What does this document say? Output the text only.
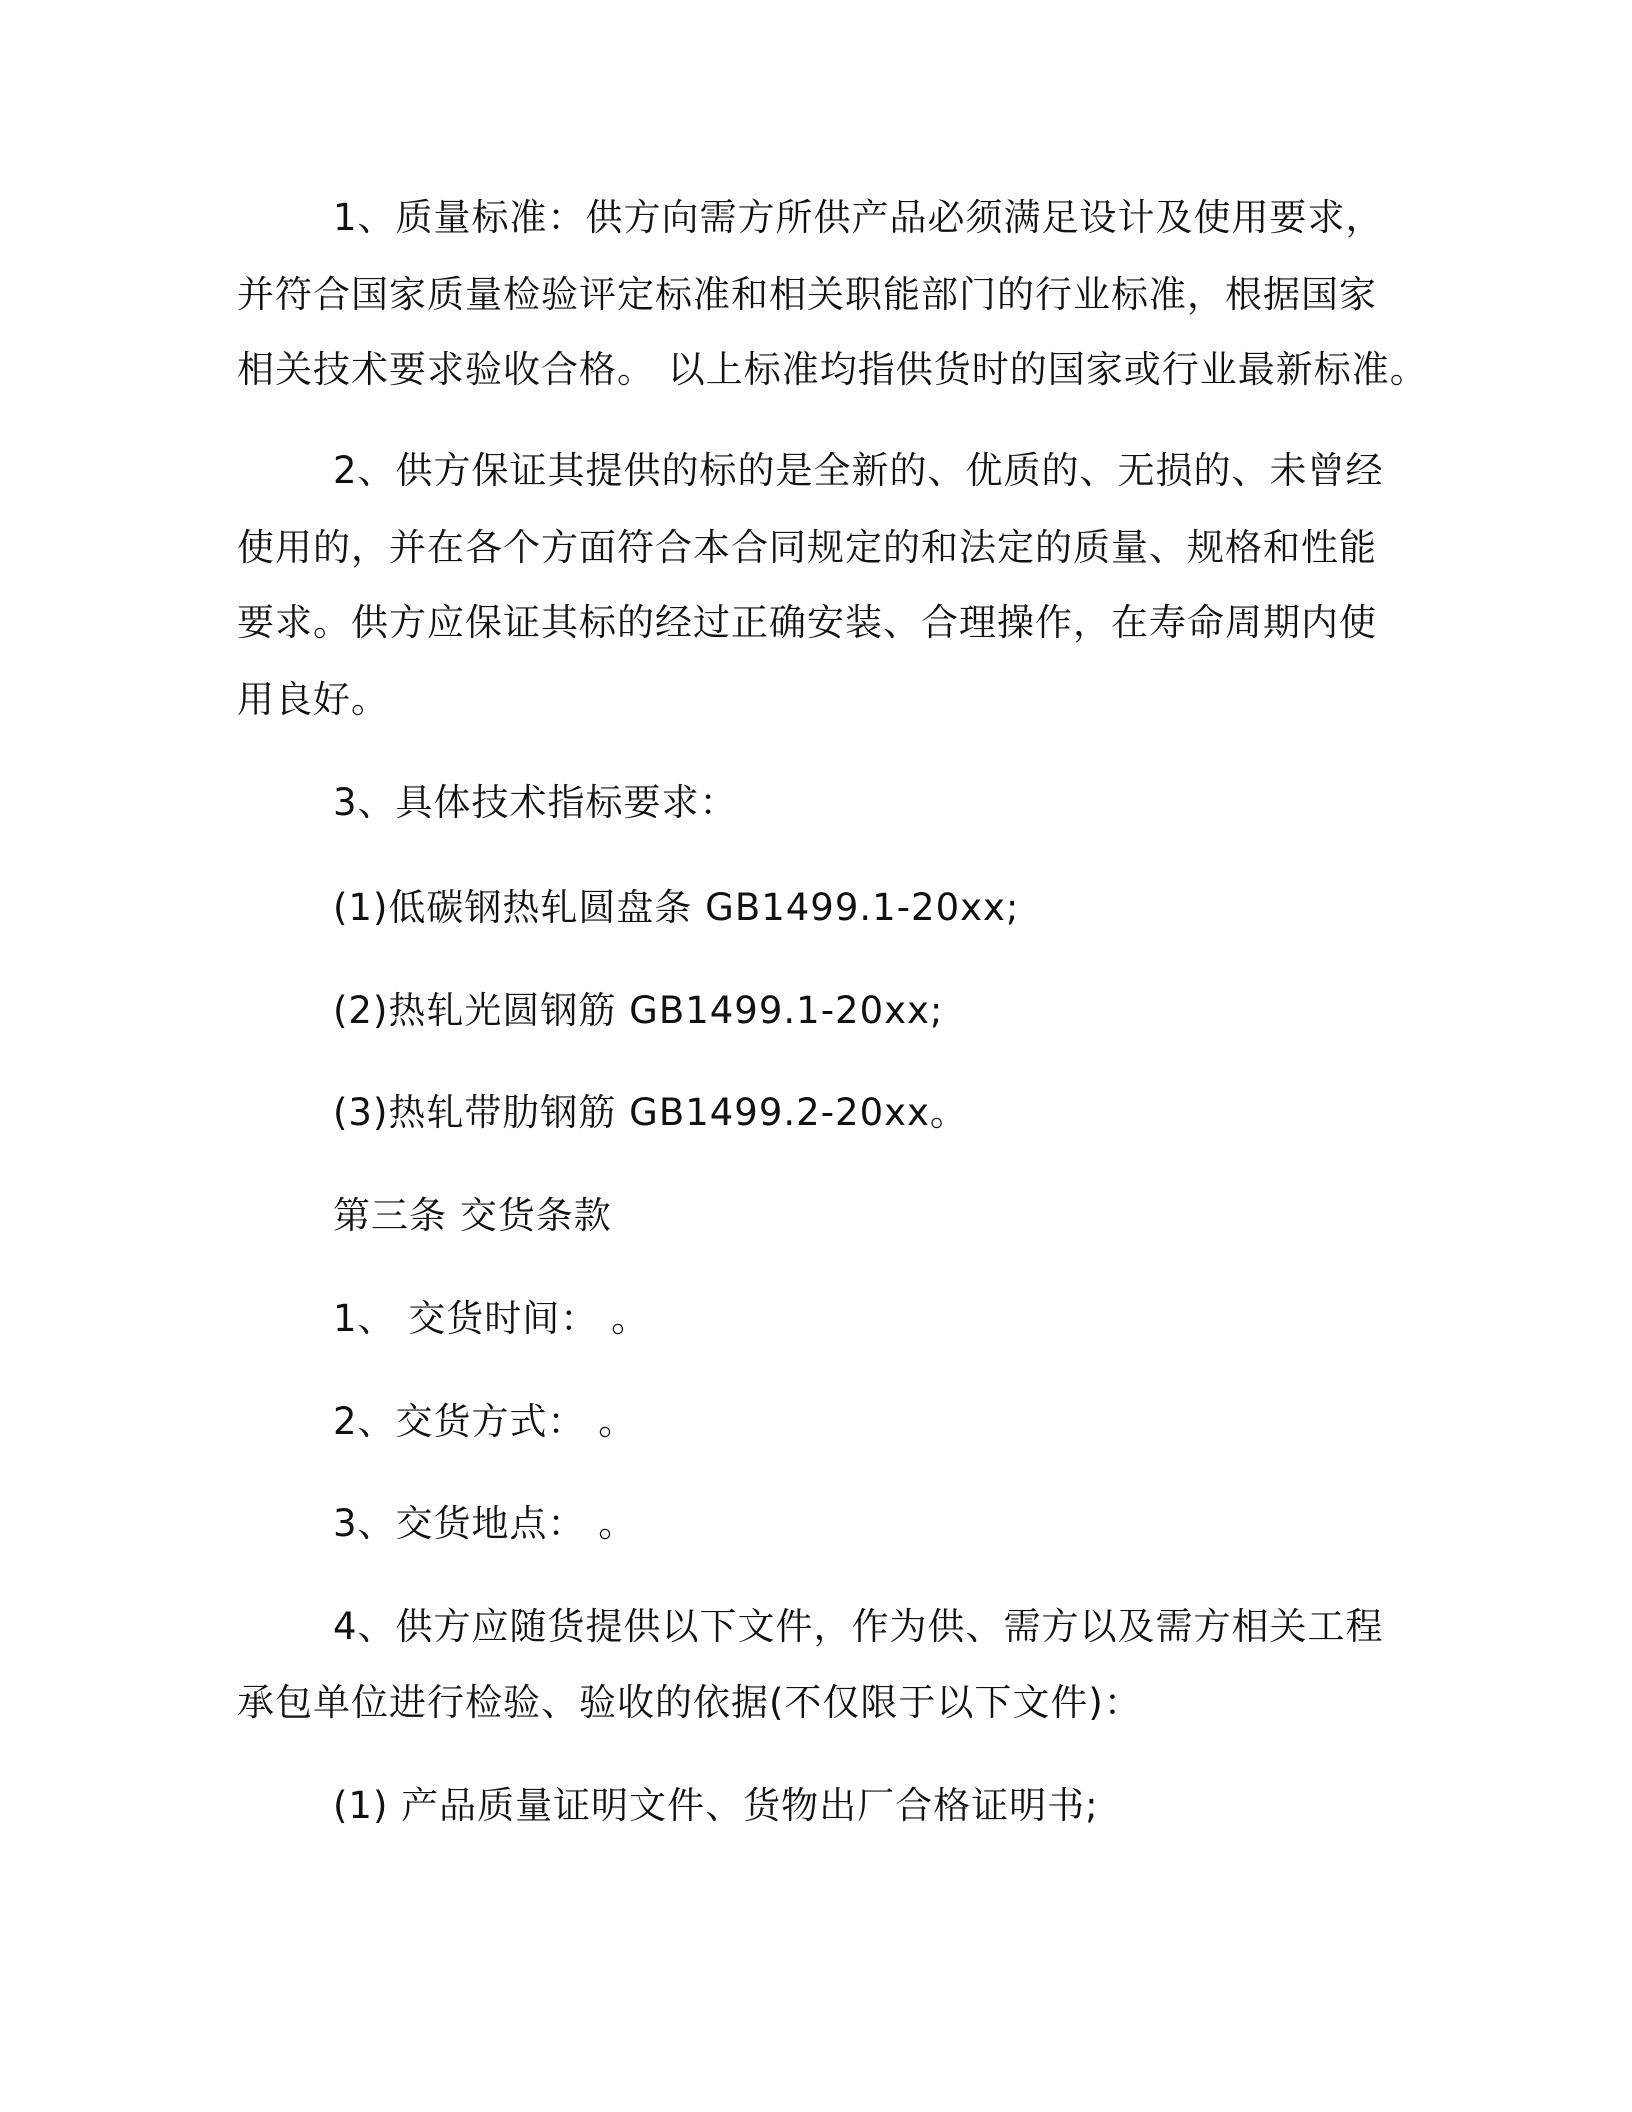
1、质量标准：供方向需方所供产品必须满足设计及使用要求，
并符合国家质量检验评定标准和相关职能部门的行业标准，根据国家
相关技术要求验收合格。 以上标准均指供货时的国家或行业最新标准。
2、供方保证其提供的标的是全新的、优质的、无损的、未曾经
使用的，并在各个方面符合本合同规定的和法定的质量、规格和性能
要求。供方应保证其标的经过正确安装、合理操作，在寿命周期内使
用良好。
3、具体技术指标要求：
(1)低碳钢热轧圆盘条 GB1499.1-20xx;
(2)热轧光圆钢筋 GB1499.1-20xx;
(3)热轧带肋钢筋 GB1499.2-20xx。
第三条 交货条款
1、 交货时间： 。
2、交货方式： 。
3、交货地点： 。
4、供方应随货提供以下文件，作为供、需方以及需方相关工程
承包单位进行检验、验收的依据(不仅限于以下文件)：
(1) 产品质量证明文件、货物出厂合格证明书;
